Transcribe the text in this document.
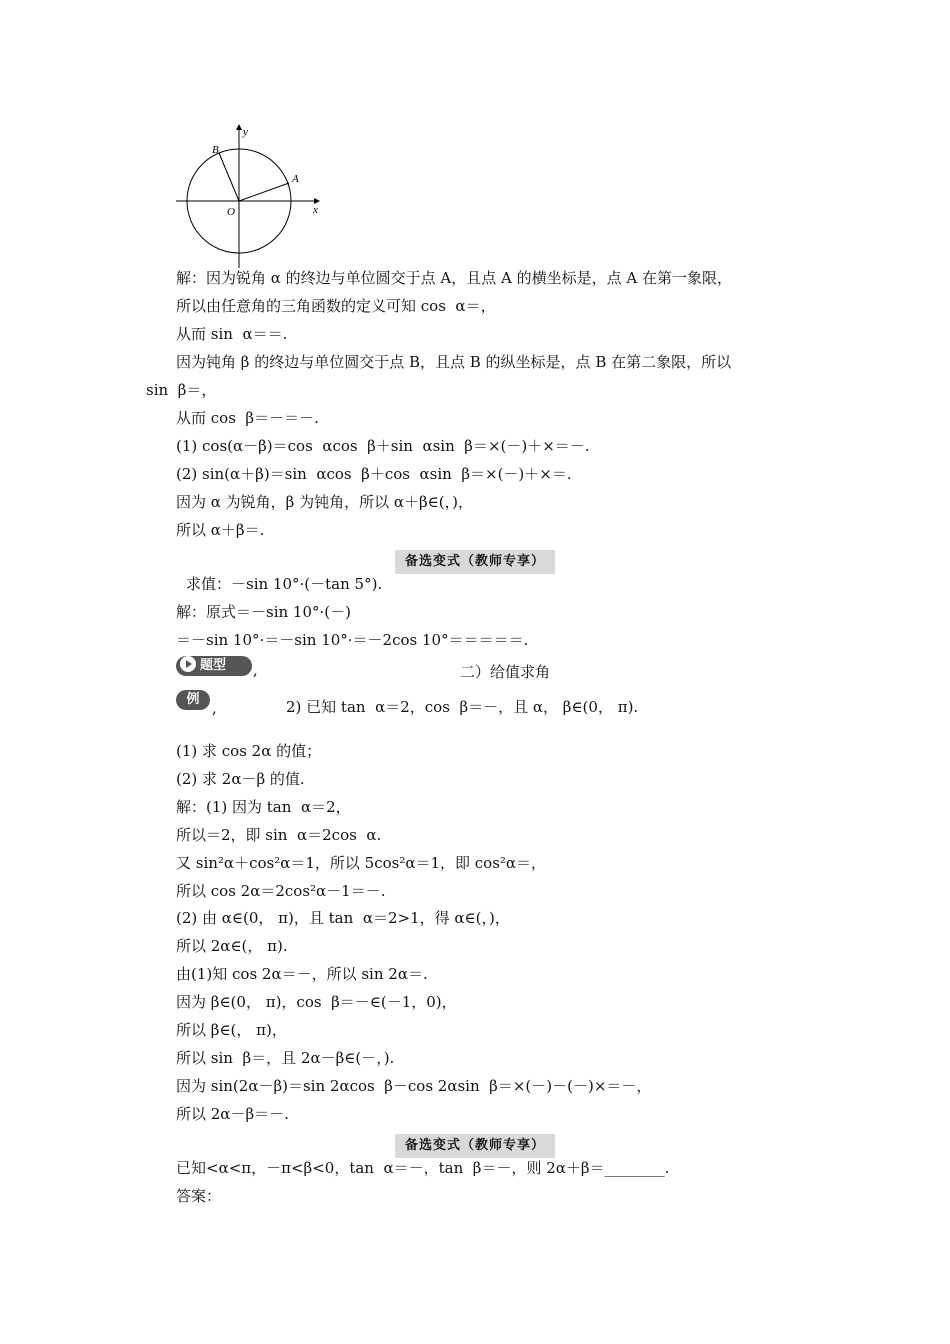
y
x
O
A
B
解：因为锐角 α 的终边与单位圆交于点 A，且点 A 的横坐标是，点 A 在第一象限，
所以由任意角的三角函数的定义可知 cos  α＝，
从而 sin  α＝＝.
因为钝角 β 的终边与单位圆交于点 B，且点 B 的纵坐标是，点 B 在第二象限，所以
sin  β＝，
从而 cos  β＝－＝－.
(1) cos(α－β)＝cos  αcos  β＋sin  αsin  β＝×(－)＋×＝－.
(2) sin(α＋β)＝sin  αcos  β＋cos  αsin  β＝×(－)＋×＝.
因为 α 为锐角，β 为钝角，所以 α＋β∈(，)，
所以 α＋β＝.
备选变式（教师专享）
求值：－sin 10°·(－tan 5°).
解：原式＝－sin 10°·(－)
＝－sin 10°·＝－sin 10°·＝－2cos 10°＝＝＝＝＝.
题型	,	二）给值求角
例 ,	2) 已知 tan  α＝2，cos  β＝－，且 α， β∈(0， π).
(1) 求 cos 2α 的值；
(2) 求 2α－β 的值.
解：(1) 因为 tan  α＝2，
所以＝2，即 sin  α＝2cos  α.
又 sin²α＋cos²α＝1，所以 5cos²α＝1，即 cos²α＝，
所以 cos 2α＝2cos²α－1＝－.
(2) 由 α∈(0， π)，且 tan  α＝2>1，得 α∈(，)，
所以 2α∈(， π).
由(1)知 cos 2α＝－，所以 sin 2α＝.
因为 β∈(0， π)，cos  β＝－∈(－1，0)，
所以 β∈(， π)，
所以 sin  β＝，且 2α－β∈(－，).
因为 sin(2α－β)＝sin 2αcos  β－cos 2αsin  β＝×(－)－(－)×＝－，
所以 2α－β＝－.
备选变式（教师专享）
已知<α<π，－π<β<0，tan  α＝－，tan  β＝－，则 2α＋β＝________.
答案：
